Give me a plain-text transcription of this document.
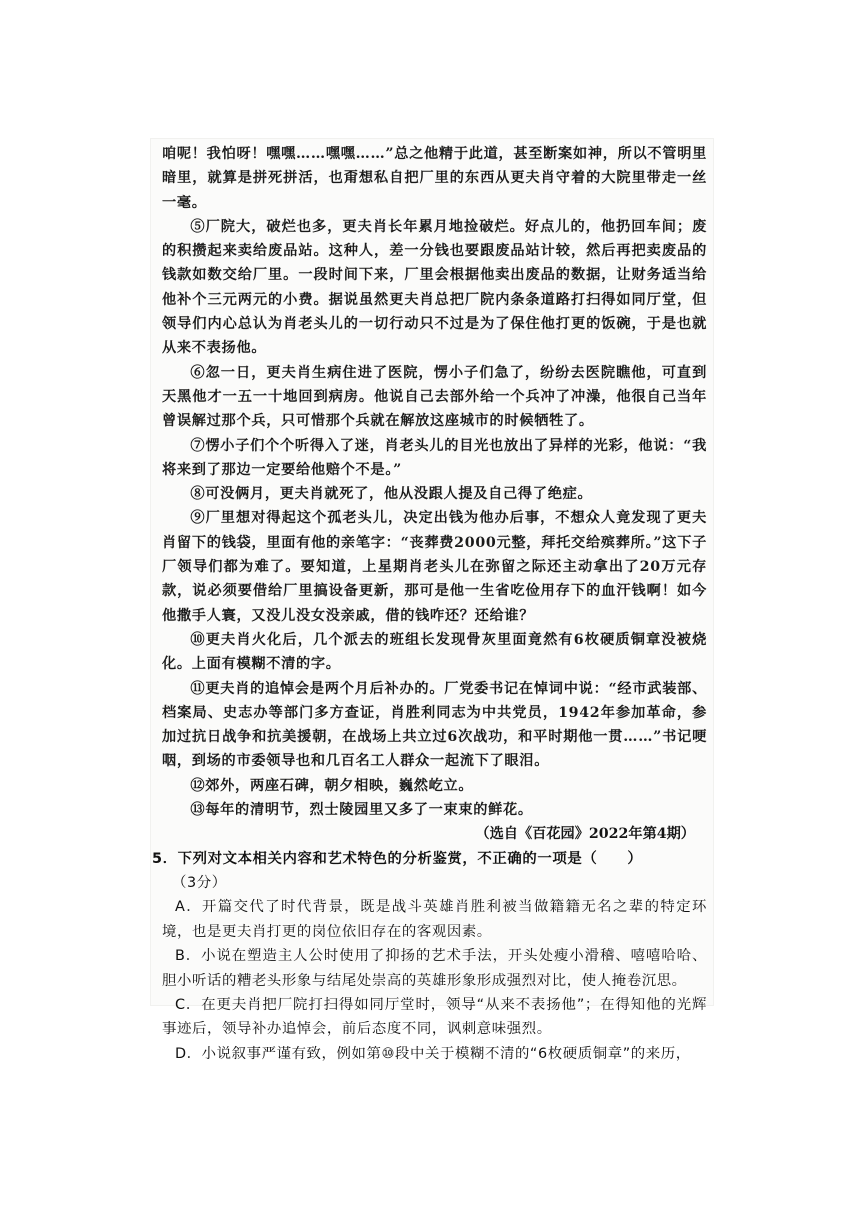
咱呢！我怕呀！嘿嘿……嘿嘿……”总之他精于此道，甚至断案如神，所以不管明里暗里，就算是拼死拼活，也甭想私自把厂里的东西从更夫肖守着的大院里带走一丝一毫。

⑤厂院大，破烂也多，更夫肖长年累月地捡破烂。好点儿的，他扔回车间；废的积攒起来卖给废品站。这种人，差一分钱也要跟废品站计较，然后再把卖废品的钱款如数交给厂里。一段时间下来，厂里会根据他卖出废品的数据，让财务适当给他补个三元两元的小费。据说虽然更夫肖总把厂院内条条道路打扫得如同厅堂，但领导们内心总认为肖老头儿的一切行动只不过是为了保住他打更的饭碗，于是也就从来不表扬他。

⑥忽一日，更夫肖生病住进了医院，愣小子们急了，纷纷去医院瞧他，可直到天黑他才一五一十地回到病房。他说自己去部外给一个兵冲了冲澡，他很自己当年曾误解过那个兵，只可惜那个兵就在解放这座城市的时候牺牲了。

⑦愣小子们个个听得入了迷，肖老头儿的目光也放出了异样的光彩，他说：“我将来到了那边一定要给他赔个不是。”

⑧可没俩月，更夫肖就死了，他从没跟人提及自己得了绝症。

⑨厂里想对得起这个孤老头儿，决定出钱为他办后事，不想众人竟发现了更夫肖留下的钱袋，里面有他的亲笔字：“丧葬费2000元整，拜托交给殡葬所。”这下子厂领导们都为难了。要知道，上星期肖老头儿在弥留之际还主动拿出了20万元存款，说必须要借给厂里搞设备更新，那可是他一生省吃俭用存下的血汗钱啊！如今他撒手人寰，又没儿没女没亲戚，借的钱咋还？还给谁？

⑩更夫肖火化后，几个派去的班组长发现骨灰里面竟然有6枚硬质铜章没被烧化。上面有模糊不清的字。

⑪更夫肖的追悼会是两个月后补办的。厂党委书记在悼词中说：“经市武装部、档案局、史志办等部门多方查证，肖胜利同志为中共党员，1942年参加革命，参加过抗日战争和抗美援朝，在战场上共立过6次战功，和平时期他一贯……”书记哽咽，到场的市委领导也和几百名工人群众一起流下了眼泪。

⑫郊外，两座石碑，朝夕相映，巍然屹立。

⑬每年的清明节，烈士陵园里又多了一束束的鲜花。

（选自《百花园》2022年第4期）

5．下列对文本相关内容和艺术特色的分析鉴赏，不正确的一项是（　　）

（3分）

A．开篇交代了时代背景，既是战斗英雄肖胜利被当做籍籍无名之辈的特定环境，也是更夫肖打更的岗位依旧存在的客观因素。

B．小说在塑造主人公时使用了抑扬的艺术手法，开头处瘦小滑稽、嘻嘻哈哈、胆小听话的糟老头形象与结尾处崇高的英雄形象形成强烈对比，使人掩卷沉思。

C．在更夫肖把厂院打扫得如同厅堂时，领导“从来不表扬他”；在得知他的光辉事迹后，领导补办追悼会，前后态度不同，讽刺意味强烈。

D．小说叙事严谨有致，例如第⑩段中关于模糊不清的“6枚硬质铜章”的来历，
